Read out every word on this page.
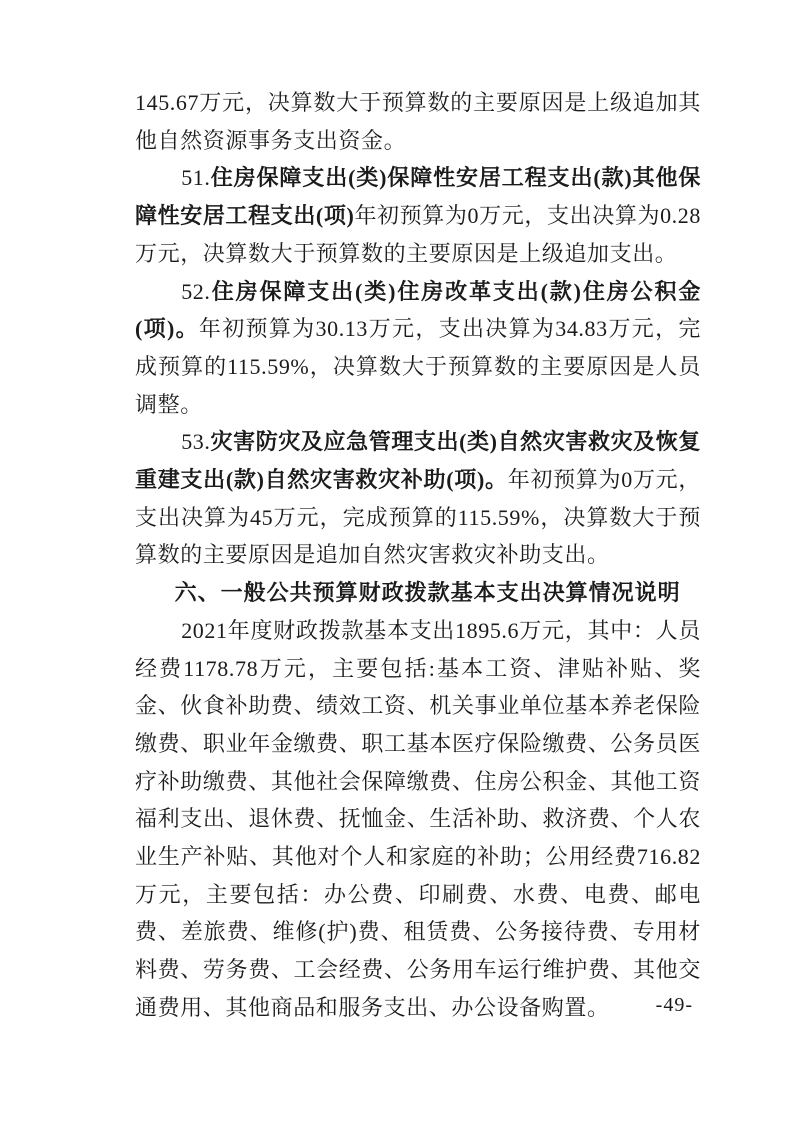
145.67万元，决算数大于预算数的主要原因是上级追加其他自然资源事务支出资金。

51.住房保障支出(类)保障性安居工程支出(款)其他保障性安居工程支出(项)年初预算为0万元，支出决算为0.28万元，决算数大于预算数的主要原因是上级追加支出。

52.住房保障支出(类)住房改革支出(款)住房公积金(项)。年初预算为30.13万元，支出决算为34.83万元，完成预算的115.59%，决算数大于预算数的主要原因是人员调整。

53.灾害防灾及应急管理支出(类)自然灾害救灾及恢复重建支出(款)自然灾害救灾补助(项)。年初预算为0万元，支出决算为45万元，完成预算的115.59%，决算数大于预算数的主要原因是追加自然灾害救灾补助支出。

六、一般公共预算财政拨款基本支出决算情况说明

2021年度财政拨款基本支出1895.6万元，其中：人员经费1178.78万元，主要包括:基本工资、津贴补贴、奖金、伙食补助费、绩效工资、机关事业单位基本养老保险缴费、职业年金缴费、职工基本医疗保险缴费、公务员医疗补助缴费、其他社会保障缴费、住房公积金、其他工资福利支出、退休费、抚恤金、生活补助、救济费、个人农业生产补贴、其他对个人和家庭的补助；公用经费716.82万元，主要包括：办公费、印刷费、水费、电费、邮电费、差旅费、维修(护)费、租赁费、公务接待费、专用材料费、劳务费、工会经费、公务用车运行维护费、其他交通费用、其他商品和服务支出、办公设备购置。	-49-
